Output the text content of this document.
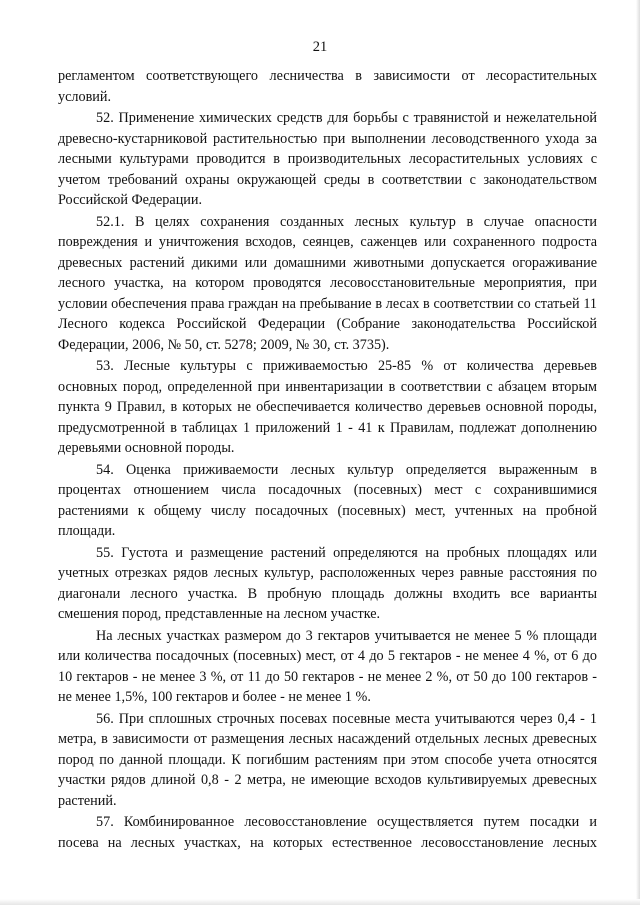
21

регламентом соответствующего лесничества в зависимости от лесорастительных условий.

52. Применение химических средств для борьбы с травянистой и нежелательной древесно-кустарниковой растительностью при выполнении лесоводственного ухода за лесными культурами проводится в производительных лесорастительных условиях с учетом требований охраны окружающей среды в соответствии с законодательством Российской Федерации.

52.1. В целях сохранения созданных лесных культур в случае опасности повреждения и уничтожения всходов, сеянцев, саженцев или сохраненного подроста древесных растений дикими или домашними животными допускается огораживание лесного участка, на котором проводятся лесовосстановительные мероприятия, при условии обеспечения права граждан на пребывание в лесах в соответствии со статьей 11 Лесного кодекса Российской Федерации (Собрание законодательства Российской Федерации, 2006, № 50, ст. 5278; 2009, № 30, ст. 3735).

53. Лесные культуры с приживаемостью 25-85 % от количества деревьев основных пород, определенной при инвентаризации в соответствии с абзацем вторым пункта 9 Правил, в которых не обеспечивается количество деревьев основной породы, предусмотренной в таблицах 1 приложений 1 - 41 к Правилам, подлежат дополнению деревьями основной породы.

54. Оценка приживаемости лесных культур определяется выраженным в процентах отношением числа посадочных (посевных) мест с сохранившимися растениями к общему числу посадочных (посевных) мест, учтенных на пробной площади.

55. Густота и размещение растений определяются на пробных площадях или учетных отрезках рядов лесных культур, расположенных через равные расстояния по диагонали лесного участка. В пробную площадь должны входить все варианты смешения пород, представленные на лесном участке.

На лесных участках размером до 3 гектаров учитывается не менее 5 % площади или количества посадочных (посевных) мест, от 4 до 5 гектаров - не менее 4 %, от 6 до 10 гектаров - не менее 3 %, от 11 до 50 гектаров - не менее 2 %, от 50 до 100 гектаров - не менее 1,5%, 100 гектаров и более - не менее 1 %.

56. При сплошных строчных посевах посевные места учитываются через 0,4 - 1 метра, в зависимости от размещения лесных насаждений отдельных лесных древесных пород по данной площади. К погибшим растениям при этом способе учета относятся участки рядов длиной 0,8 - 2 метра, не имеющие всходов культивируемых древесных растений.

57. Комбинированное лесовосстановление осуществляется путем посадки и посева на лесных участках, на которых естественное лесовосстановление лесных
